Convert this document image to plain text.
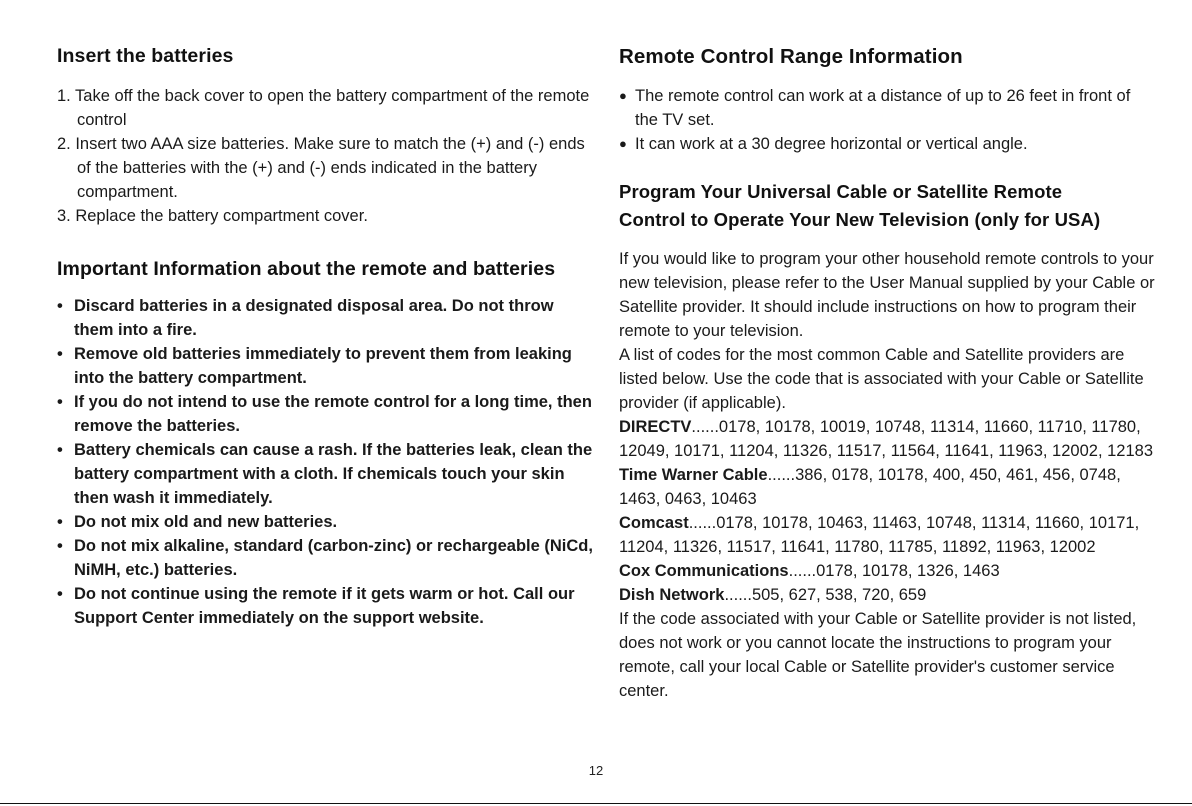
Insert the batteries
1. Take off the back cover to open the battery compartment of the remote control
2. Insert two AAA size batteries. Make sure to match the (+) and (-) ends of the batteries with the (+) and (-) ends indicated in the battery compartment.
3. Replace the battery compartment cover.
Important Information about the remote and batteries
• Discard batteries in a designated disposal area. Do not throw them into a fire.
• Remove old batteries immediately to prevent them from leaking into the battery compartment.
• If you do not intend to use the remote control for a long time, then remove the batteries.
• Battery chemicals can cause a rash. If the batteries leak, clean the battery compartment with a cloth. If chemicals touch your skin then wash it immediately.
• Do not mix old and new batteries.
• Do not mix alkaline, standard (carbon-zinc) or rechargeable (NiCd, NiMH, etc.) batteries.
• Do not continue using the remote if it gets warm or hot. Call our Support Center immediately on the support website.
Remote Control Range Information
● The remote control can work at a distance of up to 26 feet in front of the TV set.
● It can work at a 30 degree horizontal or vertical angle.
Program Your Universal Cable or Satellite Remote
Control to Operate Your New Television (only for USA)

If you would like to program your other household remote controls to your new television, please refer to the User Manual supplied by your Cable or Satellite provider. It should include instructions on how to program their remote to your television.

A list of codes for the most common Cable and Satellite providers are listed below. Use the code that is associated with your Cable or Satellite provider (if applicable).

DIRECTV......0178, 10178, 10019, 10748, 11314, 11660, 11710, 11780, 12049, 10171, 11204, 11326, 11517, 11564, 11641, 11963, 12002, 12183

Time Warner Cable......386, 0178, 10178, 400, 450, 461, 456, 0748, 1463, 0463, 10463

Comcast......0178, 10178, 10463, 11463, 10748, 11314, 11660, 10171, 11204, 11326, 11517, 11641, 11780, 11785, 11892, 11963, 12002

Cox Communications......0178, 10178, 1326, 1463

Dish Network......505, 627, 538, 720, 659

If the code associated with your Cable or Satellite provider is not listed, does not work or you cannot locate the instructions to program your remote, call your local Cable or Satellite provider's customer service center.

12
